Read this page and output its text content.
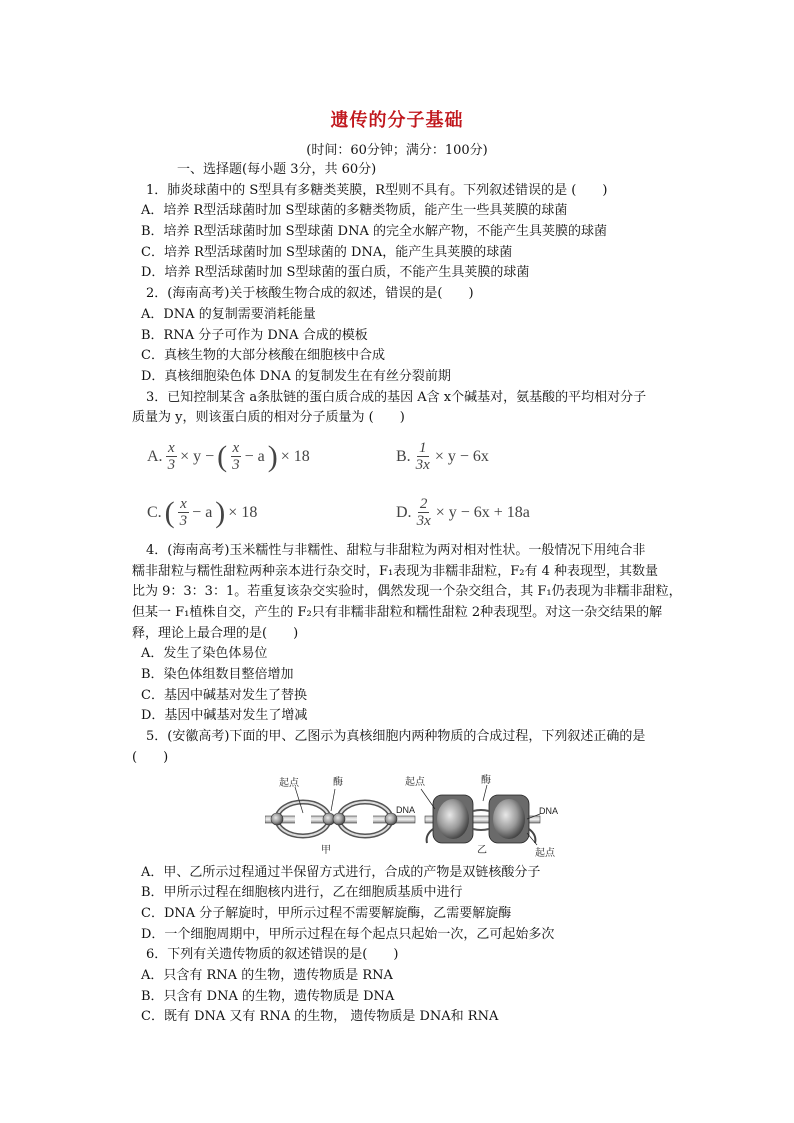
遗传的分子基础
(时间：60分钟；满分：100分)
一、选择题(每小题 3分，共 60分)
1．肺炎球菌中的 S型具有多糖类荚膜，R型则不具有。下列叙述错误的是 ( )
A．培养 R型活球菌时加 S型球菌的多糖类物质，能产生一些具荚膜的球菌
B．培养 R型活球菌时加 S型球菌 DNA 的完全水解产物，不能产生具荚膜的球菌
C．培养 R型活球菌时加 S型球菌的 DNA，能产生具荚膜的球菌
D．培养 R型活球菌时加 S型球菌的蛋白质，不能产生具荚膜的球菌
2．(海南高考)关于核酸生物合成的叙述，错误的是( )
A．DNA 的复制需要消耗能量
B．RNA 分子可作为 DNA 合成的模板
C．真核生物的大部分核酸在细胞核中合成
D．真核细胞染色体 DNA 的复制发生在有丝分裂前期
3．已知控制某含 a条肽链的蛋白质合成的基因 A含 x个碱基对，氨基酸的平均相对分子
质量为 y，则该蛋白质的相对分子质量为 ( )
A. $\frac{x}{3} \times y$ − ( $\frac{x}{3} - a$ ) × 18	B. $\frac{1}{3x} \times y - 6x$
C. ( $\frac{x}{3} - a$ ) × 18	D. $\frac{2}{3x} \times y - 6x + 18a$
4．(海南高考)玉米糯性与非糯性、甜粒与非甜粒为两对相对性状。一般情况下用纯合非
糯非甜粒与糯性甜粒两种亲本进行杂交时，F₁表现为非糯非甜粒，F₂有 4 种表现型，其数量
比为 9：3：3：1。若重复该杂交实验时，偶然发现一个杂交组合，其 F₁仍表现为非糯非甜粒，
但某一 F₁植株自交，产生的 F₂只有非糯非甜粒和糯性甜粒 2种表现型。对这一杂交结果的解
释，理论上最合理的是( )
A．发生了染色体易位
B．染色体组数目整倍增加
C．基因中碱基对发生了替换
D．基因中碱基对发生了增减
5．(安徽高考)下面的甲、乙图示为真核细胞内两种物质的合成过程，下列叙述正确的是
( )
起点	酶
DNA
甲
起点	酶
DNA
起点
乙
A．甲、乙所示过程通过半保留方式进行，合成的产物是双链核酸分子
B．甲所示过程在细胞核内进行，乙在细胞质基质中进行
C．DNA 分子解旋时，甲所示过程不需要解旋酶，乙需要解旋酶
D．一个细胞周期中，甲所示过程在每个起点只起始一次，乙可起始多次
6．下列有关遗传物质的叙述错误的是( )
A．只含有 RNA 的生物，遗传物质是 RNA
B．只含有 DNA 的生物，遗传物质是 DNA
C．既有 DNA 又有 RNA 的生物， 遗传物质是 DNA和 RNA
